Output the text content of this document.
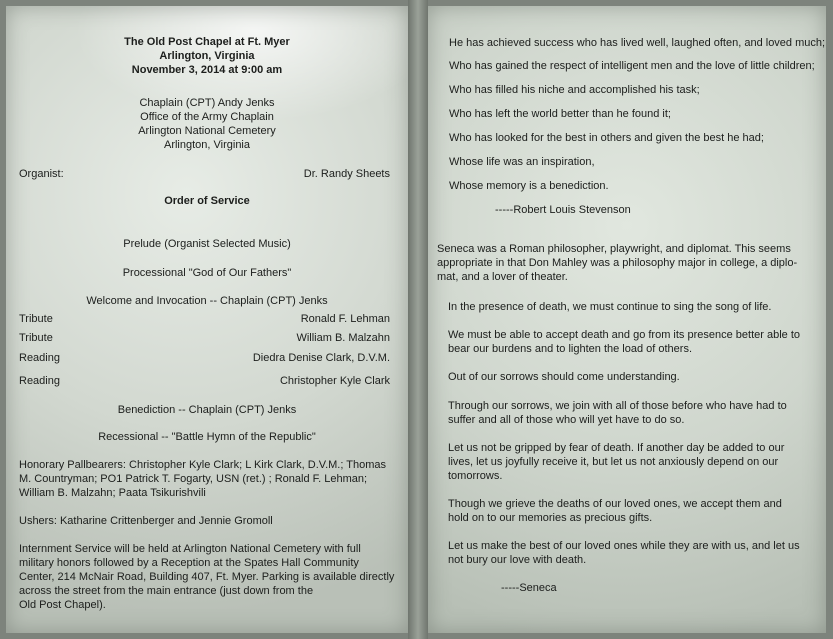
The Old Post Chapel at Ft. Myer
Arlington, Virginia
November 3, 2014 at 9:00 am
Chaplain (CPT) Andy Jenks
Office of the Army Chaplain
Arlington National Cemetery
Arlington, Virginia
Organist:	Dr. Randy Sheets
Order of Service
Prelude (Organist Selected Music)
Processional "God of Our Fathers"
Welcome and Invocation -- Chaplain (CPT) Jenks
Tribute	Ronald F. Lehman
Tribute	William B. Malzahn
Reading	Diedra Denise Clark, D.V.M.
Reading	Christopher Kyle Clark
Benediction -- Chaplain (CPT) Jenks
Recessional -- "Battle Hymn of the Republic"
Honorary Pallbearers: Christopher Kyle Clark; L Kirk Clark, D.V.M.; Thomas
M. Countryman; PO1 Patrick T. Fogarty, USN (ret.) ; Ronald F. Lehman;
William B. Malzahn; Paata Tsikurishvili
Ushers: Katharine Crittenberger and Jennie Gromoll
Internment Service will be held at Arlington National Cemetery with full
military honors followed by a Reception at the Spates Hall Community
Center, 214 McNair Road, Building 407, Ft. Myer. Parking is available directly
across the street from the main entrance (just down from the
Old Post Chapel).
He has achieved success who has lived well, laughed often, and loved much;
Who has gained the respect of intelligent men and the love of little children;
Who has filled his niche and accomplished his task;
Who has left the world better than he found it;
Who has looked for the best in others and given the best he had;
Whose life was an inspiration,
Whose memory is a benediction.
-----Robert Louis Stevenson
Seneca was a Roman philosopher, playwright, and diplomat. This seems
appropriate in that Don Mahley was a philosophy major in college, a diplo-
mat, and a lover of theater.
In the presence of death, we must continue to sing the song of life.
We must be able to accept death and go from its presence better able to
bear our burdens and to lighten the load of others.
Out of our sorrows should come understanding.
Through our sorrows, we join with all of those before who have had to
suffer and all of those who will yet have to do so.
Let us not be gripped by fear of death. If another day be added to our
lives, let us joyfully receive it, but let us not anxiously depend on our
tomorrows.
Though we grieve the deaths of our loved ones, we accept them and
hold on to our memories as precious gifts.
Let us make the best of our loved ones while they are with us, and let us
not bury our love with death.
-----Seneca
